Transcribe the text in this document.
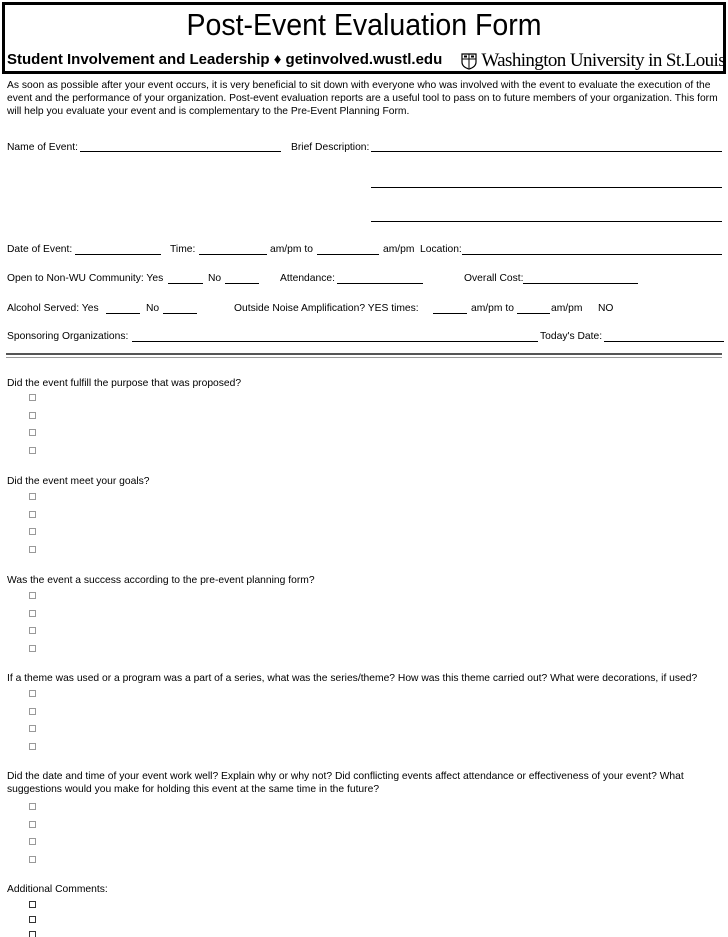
Post-Event Evaluation Form
Student Involvement and Leadership ♦ getinvolved.wustl.edu Washington University in St.Louis
As soon as possible after your event occurs, it is very beneficial to sit down with everyone who was involved with the event to evaluate the execution of the event and the performance of your organization. Post-event evaluation reports are a useful tool to pass on to future members of your organization. This form will help you evaluate your event and is complementary to the Pre-Event Planning Form.
Name of Event:	Brief Description:
Date of Event:	Time:	am/pm to	am/pm Location:
Open to Non-WU Community: Yes	No	Attendance:	Overall Cost:
Alcohol Served: Yes	No	Outside Noise Amplification? YES times:	am/pm to	am/pm NO
Sponsoring Organizations:	Today's Date:
Did the event fulfill the purpose that was proposed?
Did the event meet your goals?
Was the event a success according to the pre-event planning form?
If a theme was used or a program was a part of a series, what was the series/theme? How was this theme carried out? What were decorations, if used?
Did the date and time of your event work well? Explain why or why not? Did conflicting events affect attendance or effectiveness of your event? What suggestions would you make for holding this event at the same time in the future?
Additional Comments:
